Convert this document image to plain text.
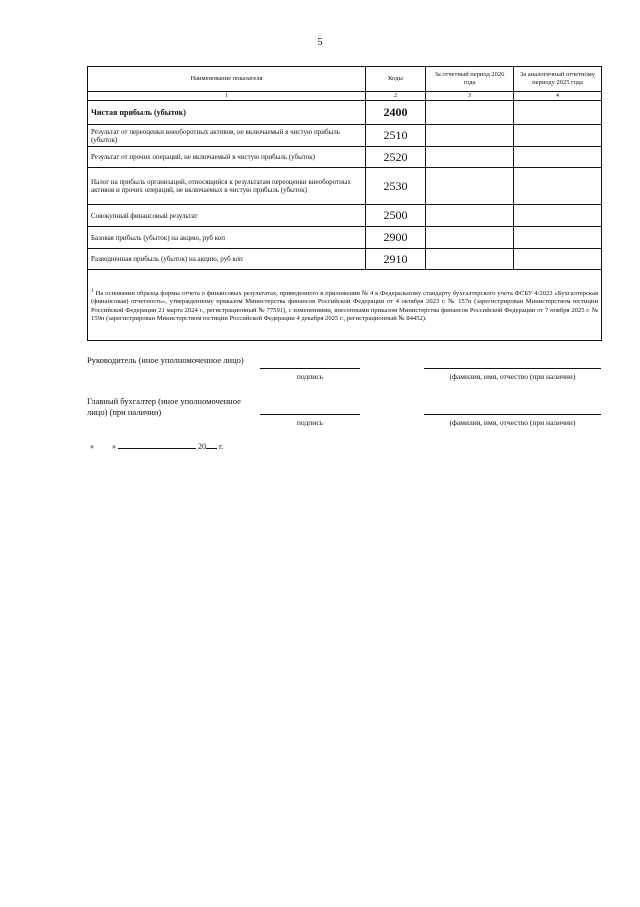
5
Наименование показателя	Коды	За отчетный период 2026 года	За аналогичный отчетному периоду 2025 года
1	2	3	4
Чистая прибыль (убыток)	2400		
Результат от переоценки внеоборотных активов, не включаемый в чистую прибыль (убыток)	2510		
Результат от прочих операций, не включаемый в чистую прибыль (убыток)	2520		
Налог на прибыль организаций, относящийся к результатам переоценки внеоборотных активов и прочих операций, не включаемых в чистую прибыль (убыток)	2530		
Совокупный финансовый результат	2500		
Базовая прибыль (убыток) на акцию, руб коп	2900		
Разводненная прибыль (убыток) на акцию, руб коп	2910		
$^1$ На основании образца формы отчета о финансовых результатах, приведенного в приложении № 4 к Федеральному стандарту бухгалтерского учета ФСБУ 4/2023 «Бухгалтерская (финансовая) отчетность», утвержденному приказом Министерства финансов Российской Федерации от 4 октября 2023 г. № 157н (зарегистрирован Министерством юстиции Российской Федерации 21 марта 2024 г., регистрационный № 77591), с изменениями, внесенными приказом Министерства финансов Российской Федерации от 7 ноября 2025 г. № 159н (зарегистрирован Министерством юстиции Российской Федерации 4 декабря 2025 г., регистрационный № 84452).			
Руководитель (иное уполномоченное лицо)
подпись	(фамилия, имя, отчество (при наличии)
Главный бухгалтер (иное уполномоченное лицо) (при наличии)
подпись	(фамилия, имя, отчество (при наличии)
« »	20 г.
